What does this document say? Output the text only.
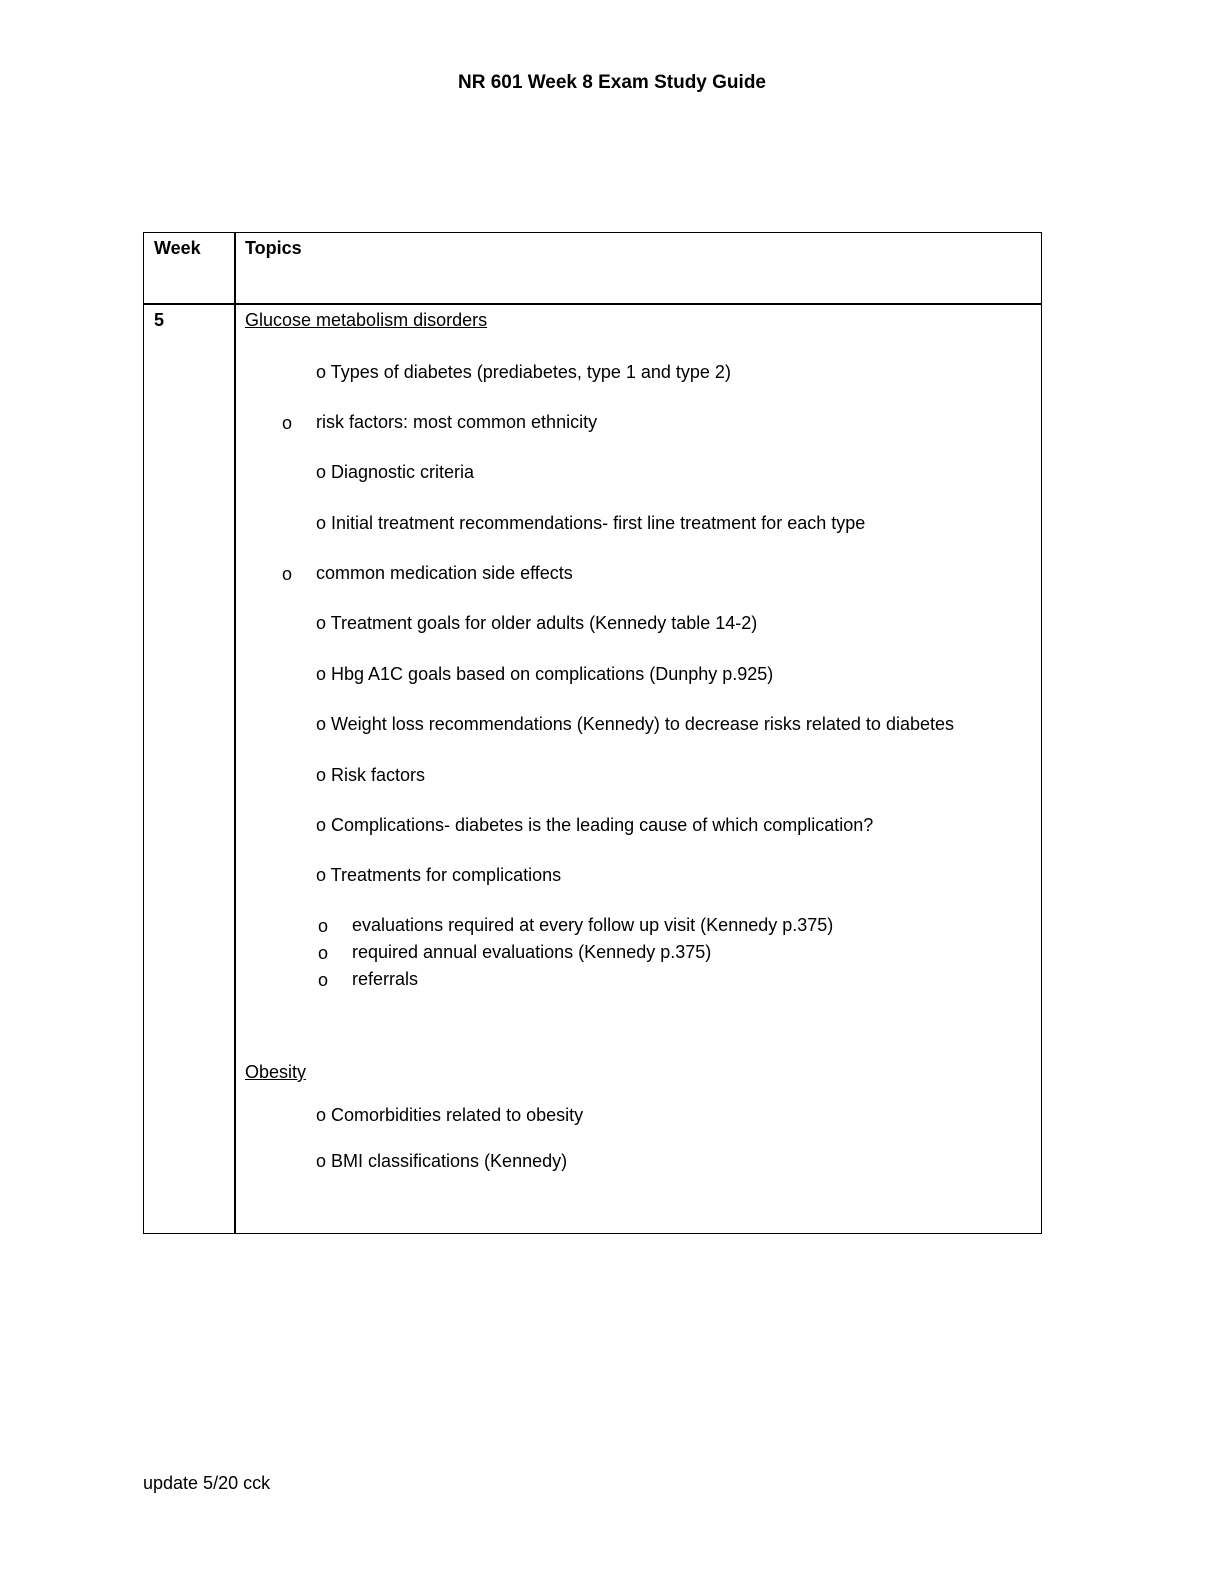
NR 601 Week 8 Exam Study Guide
Week Topics
5	Glucose metabolism disorders
o Types of diabetes (prediabetes, type 1 and type 2)
o risk factors: most common ethnicity
o Diagnostic criteria
o Initial treatment recommendations- first line treatment for each type
o common medication side effects
o Treatment goals for older adults (Kennedy table 14-2)
o Hbg A1C goals based on complications (Dunphy p.925)
o Weight loss recommendations (Kennedy) to decrease risks related to diabetes
o Risk factors
o Complications- diabetes is the leading cause of which complication?
o Treatments for complications
o evaluations required at every follow up visit (Kennedy p.375)
o required annual evaluations (Kennedy p.375)
o referrals
Obesity
o Comorbidities related to obesity
o BMI classifications (Kennedy)
update 5/20 cck
